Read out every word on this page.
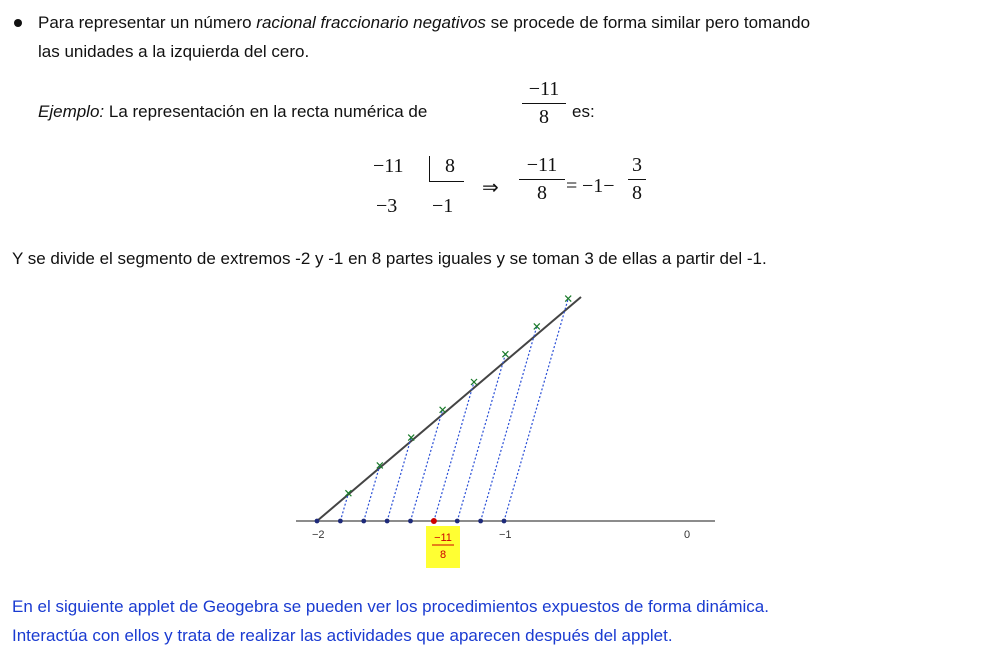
Para representar un número racional fraccionario negativos se procede de forma similar pero tomando
las unidades a la izquierda del cero.
Ejemplo: La representación en la recta numérica de
−11
8	es:
−11 8
−3 −1
⇒
−11
8 = −1−
3
8
Y se divide el segmento de extremos -2 y -1 en 8 partes iguales y se toman 3 de ellas a partir del -1.
−2	−1	0
−11
8
En el siguiente applet de Geogebra se pueden ver los procedimientos expuestos de forma dinámica.
Interactúa con ellos y trata de realizar las actividades que aparecen después del applet.
